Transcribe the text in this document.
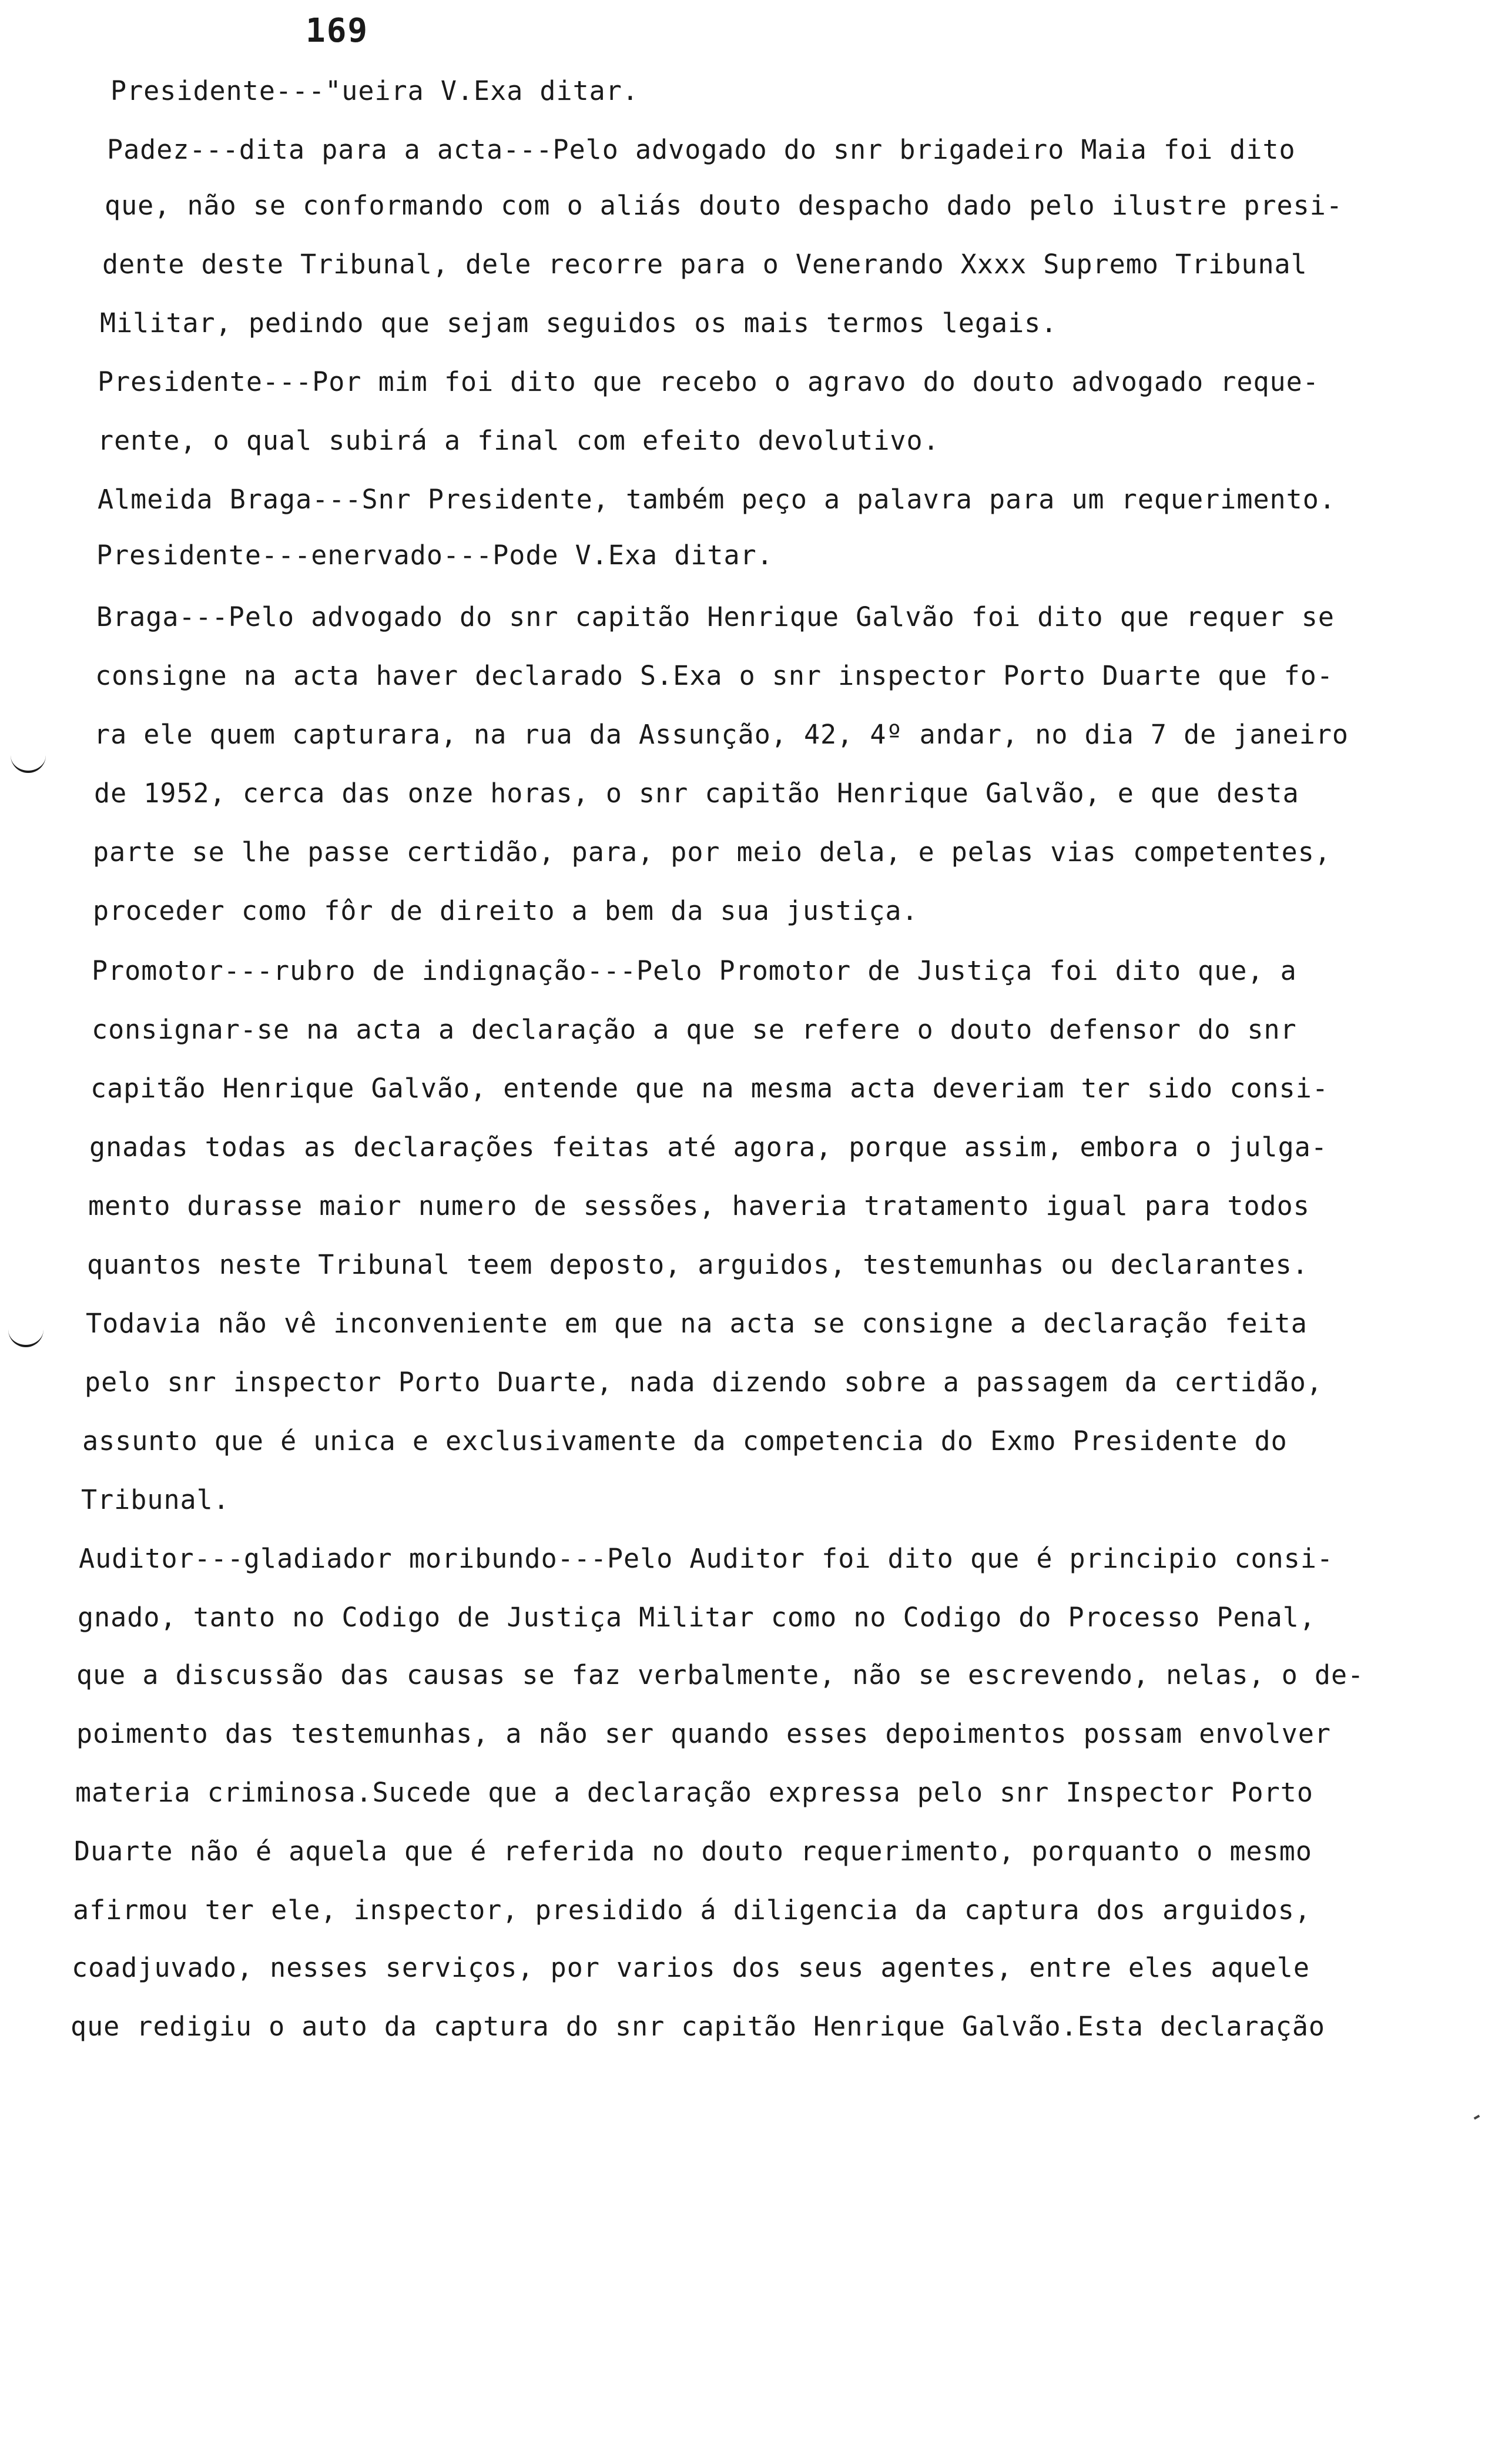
169
Presidente---"ueira V.Exa ditar.
Padez---dita para a acta---Pelo advogado do snr brigadeiro Maia foi dito
que, não se conformando com o aliás douto despacho dado pelo ilustre presi-
dente deste Tribunal, dele recorre para o Venerando Xxxx Supremo Tribunal
Militar, pedindo que sejam seguidos os mais termos legais.
Presidente---Por mim foi dito que recebo o agravo do douto advogado reque-
rente, o qual subirá a final com efeito devolutivo.
Almeida Braga---Snr Presidente, também peço a palavra para um requerimento.
Presidente---enervado---Pode V.Exa ditar.
Braga---Pelo advogado do snr capitão Henrique Galvão foi dito que requer se
consigne na acta haver declarado S.Exa o snr inspector Porto Duarte que fo-
ra ele quem capturara, na rua da Assunção, 42, 4º andar, no dia 7 de janeiro
de 1952, cerca das onze horas, o snr capitão Henrique Galvão, e que desta
parte se lhe passe certidão, para, por meio dela, e pelas vias competentes,
proceder como fôr de direito a bem da sua justiça.
Promotor---rubro de indignação---Pelo Promotor de Justiça foi dito que, a
consignar-se na acta a declaração a que se refere o douto defensor do snr
capitão Henrique Galvão, entende que na mesma acta deveriam ter sido consi-
gnadas todas as declarações feitas até agora, porque assim, embora o julga-
mento durasse maior numero de sessões, haveria tratamento igual para todos
quantos neste Tribunal teem deposto, arguidos, testemunhas ou declarantes.
Todavia não vê inconveniente em que na acta se consigne a declaração feita
pelo snr inspector Porto Duarte, nada dizendo sobre a passagem da certidão,
assunto que é unica e exclusivamente da competencia do Exmo Presidente do
Tribunal.
Auditor---gladiador moribundo---Pelo Auditor foi dito que é principio consi-
gnado, tanto no Codigo de Justiça Militar como no Codigo do Processo Penal,
que a discussão das causas se faz verbalmente, não se escrevendo, nelas, o de-
poimento das testemunhas, a não ser quando esses depoimentos possam envolver
materia criminosa.Sucede que a declaração expressa pelo snr Inspector Porto
Duarte não é aquela que é referida no douto requerimento, porquanto o mesmo
afirmou ter ele, inspector, presidido á diligencia da captura dos arguidos,
coadjuvado, nesses serviços, por varios dos seus agentes, entre eles aquele
que redigiu o auto da captura do snr capitão Henrique Galvão.Esta declaração
